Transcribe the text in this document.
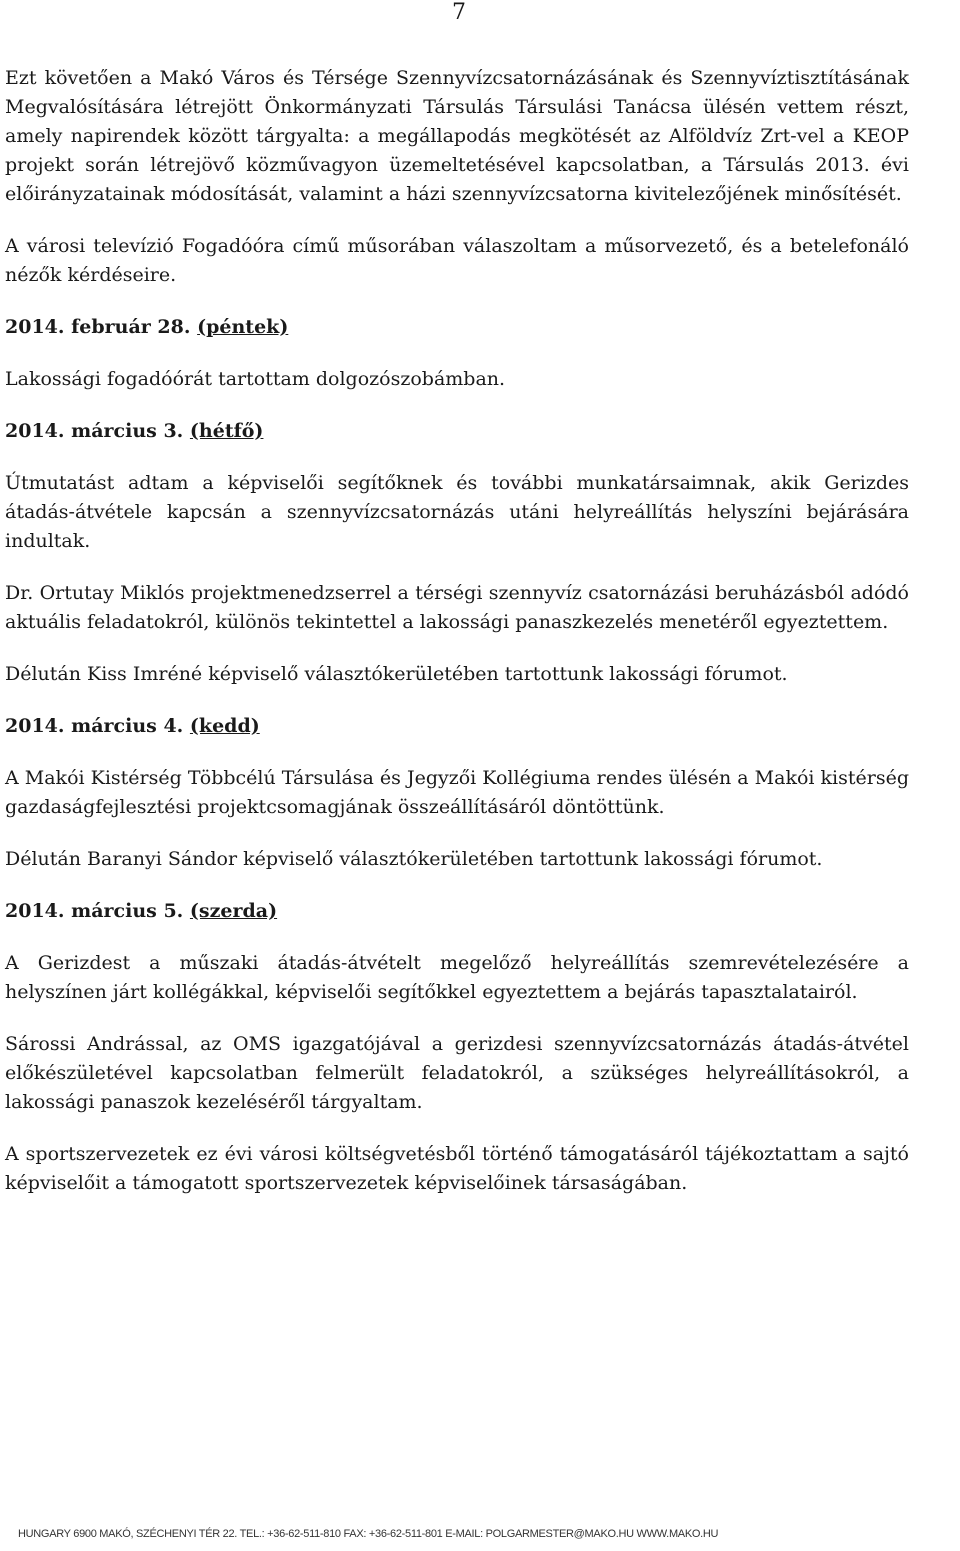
7

Ezt követően a Makó Város és Térsége Szennyvízcsatornázásának és Szennyvíztisztításának Megvalósítására létrejött Önkormányzati Társulás Társulási Tanácsa ülésén vettem részt, amely napirendek között tárgyalta: a megállapodás megkötését az Alföldvíz Zrt-vel a KEOP projekt során létrejövő közművagyon üzemeltetésével kapcsolatban, a Társulás 2013. évi előirányzatainak módosítását, valamint a házi szennyvízcsatorna kivitelezőjének minősítését.

A városi televízió Fogadóóra című műsorában válaszoltam a műsorvezető, és a betelefonáló nézők kérdéseire.

2014. február 28. (péntek)

Lakossági fogadóórát tartottam dolgozószobámban.

2014. március 3. (hétfő)

Útmutatást adtam a képviselői segítőknek és további munkatársaimnak, akik Gerizdes átadás-átvétele kapcsán a szennyvízcsatornázás utáni helyreállítás helyszíni bejárására indultak.

Dr. Ortutay Miklós projektmenedzserrel a térségi szennyvíz csatornázási beruházásból adódó aktuális feladatokról, különös tekintettel a lakossági panaszkezelés menetéről egyeztettem.

Délután Kiss Imréné képviselő választókerületében tartottunk lakossági fórumot.

2014. március 4. (kedd)

A Makói Kistérség Többcélú Társulása és Jegyzői Kollégiuma rendes ülésén a Makói kistérség gazdaságfejlesztési projektcsomagjának összeállításáról döntöttünk.

Délután Baranyi Sándor képviselő választókerületében tartottunk lakossági fórumot.

2014. március 5. (szerda)

A Gerizdest a műszaki átadás-átvételt megelőző helyreállítás szemrevételezésére a helyszínen járt kollégákkal, képviselői segítőkkel egyeztettem a bejárás tapasztalatairól.

Sárossi Andrással, az OMS igazgatójával a gerizdesi szennyvízcsatornázás átadás-átvétel előkészületével kapcsolatban felmerült feladatokról, a szükséges helyreállításokról, a lakossági panaszok kezeléséről tárgyaltam.

A sportszervezetek ez évi városi költségvetésből történő támogatásáról tájékoztattam a sajtó képviselőit a támogatott sportszervezetek képviselőinek társaságában.

HUNGARY 6900 MAKÓ, SZÉCHENYI TÉR 22. TEL.: +36-62-511-810 FAX: +36-62-511-801 E-MAIL: POLGARMESTER@MAKO.HU WWW.MAKO.HU
